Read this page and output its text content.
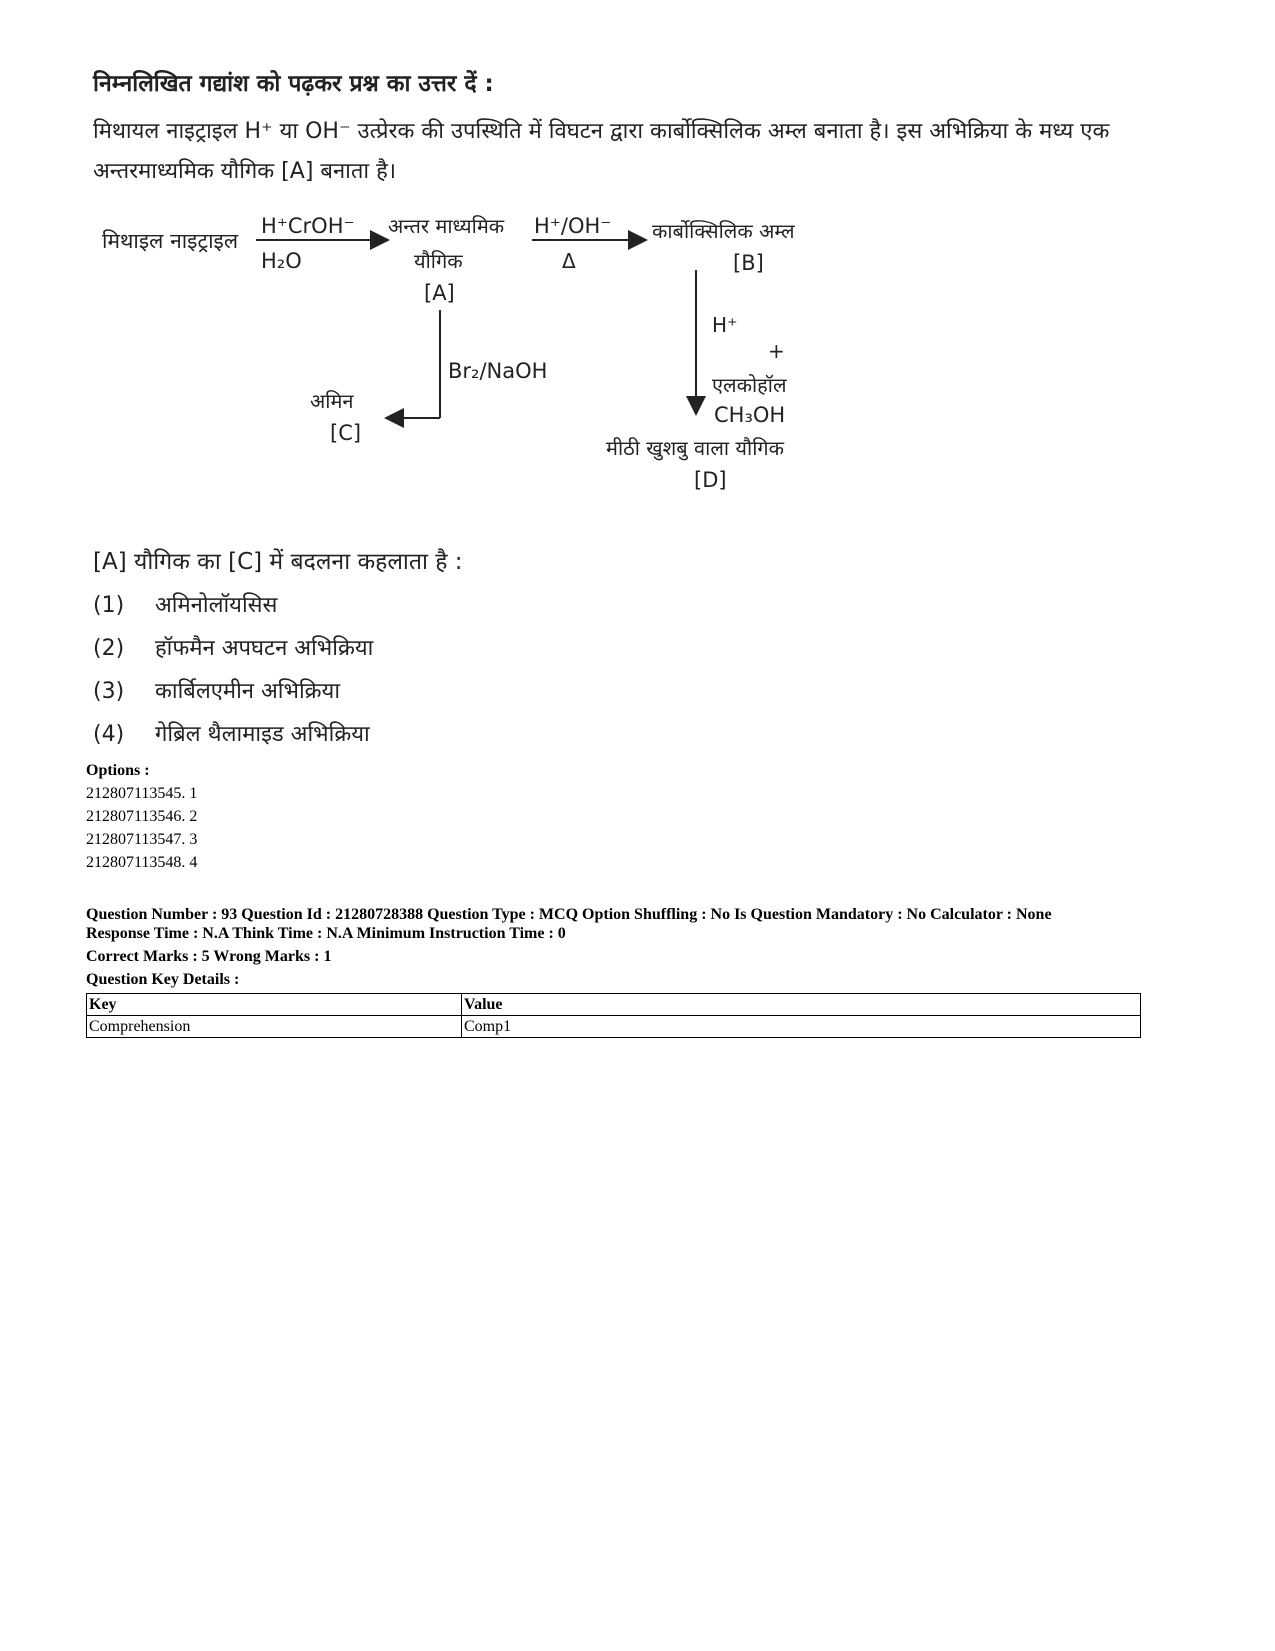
निम्नलिखित गद्यांश को पढ़कर प्रश्न का उत्तर दें :
मिथायल नाइट्राइल H⁺ या OH⁻ उत्प्रेरक की उपस्थिति में विघटन द्वारा कार्बोक्सिलिक अम्ल बनाता है। इस अभिक्रिया के मध्य एक अन्तरमाध्यमिक यौगिक [A] बनाता है।
मिथाइल नाइट्राइल
H⁺CrOH⁻
H₂O
अन्तर माध्यमिक
यौगिक
[A]
H⁺/OH⁻
Δ
कार्बोक्सिलिक अम्ल
[B]
Br₂/NaOH
अमिन
[C]
H⁺
+
एलकोहॉल
CH₃OH
मीठी खुशबु वाला यौगिक
[D]
[A] यौगिक का [C] में बदलना कहलाता है :
(1) अमिनोलॉयसिस
(2) हॉफमैन अपघटन अभिक्रिया
(3) कार्बिलएमीन अभिक्रिया
(4) गेब्रिल थैलामाइड अभिक्रिया
Options :
212807113545. 1
212807113546. 2
212807113547. 3
212807113548. 4
Question Number : 93 Question Id : 21280728388 Question Type : MCQ Option Shuffling : No Is Question Mandatory : No Calculator : None
Response Time : N.A Think Time : N.A Minimum Instruction Time : 0
Correct Marks : 5 Wrong Marks : 1
Question Key Details :
Key	Value
Comprehension	Comp1
